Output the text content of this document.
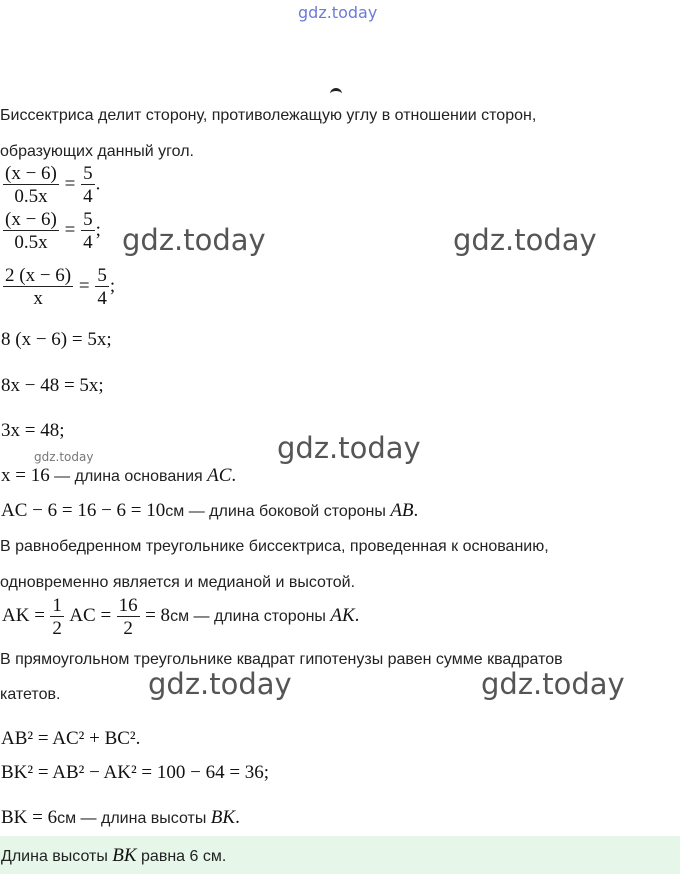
gdz.today
Биссектриса делит сторону, противолежащую углу в отношении сторон,
образующих данный угол.
$\frac{(x - 6)}{0.5x} = \frac{5}{4}$ .
$\frac{(x - 6)}{0.5x} = \frac{5}{4}$ ;
$\frac{2 (x - 6)}{x} = \frac{5}{4}$ ;
8 (x − 6) = 5x;
8x − 48 = 5x;
3x = 48;
x = 16 — длина основания AC.
AC − 6 = 16 − 6 = 10см — длина боковой стороны AB.
В равнобедренном треугольнике биссектриса, проведенная к основанию,
одновременно является и медианой и высотой.
AK = $\frac{1}{2}$ AC = $\frac{16}{2} = 8см$ — длина стороны AK.
В прямоугольном треугольнике квадрат гипотенузы равен сумме квадратов
катетов.
AB² = AC² + BC².
BK² = AB² − AK² = 100 − 64 = 36;
BK = 6см — длина высоты BK.
Длина высоты BK равна 6 см.
gdz.today	gdz.today
gdz.today
gdz.today	gdz.today
gdz.today
